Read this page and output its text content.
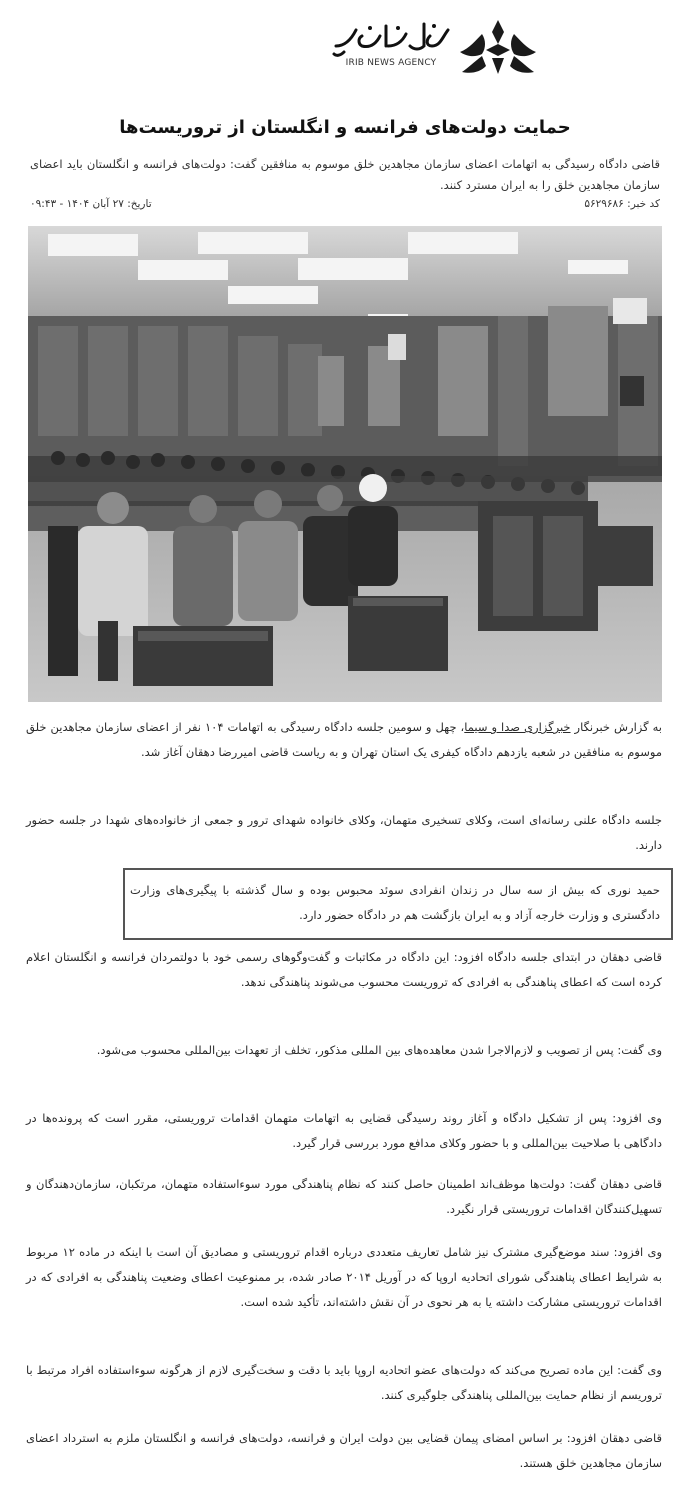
IRIB NEWS AGENCY
حمایت دولت‌های فرانسه و انگلستان از تروریست‌ها

قاضی دادگاه رسیدگی به اتهامات اعضای سازمان مجاهدین خلق موسوم به منافقین گفت: دولت‌های فرانسه و انگلستان باید اعضای سازمان مجاهدین خلق را به ایران مسترد کنند.

کد خبر: ۵۶۲۹۶۸۶
تاریخ: ۲۷ آبان ۱۴۰۴ - ۰۹:۴۳

به گزارش خبرنگار خبرگزاری صدا و سیما، چهل و سومین جلسه دادگاه رسیدگی به اتهامات ۱۰۴ نفر از اعضای سازمان مجاهدین خلق موسوم به منافقین در شعبه یازدهم دادگاه کیفری یک استان تهران و به ریاست قاضی امیررضا دهقان آغاز شد.

جلسه دادگاه علنی رسانه‌ای است، وکلای تسخیری متهمان، وکلای خانواده شهدای ترور و جمعی از خانواده‌های شهدا در جلسه حضور دارند.

حمید نوری که بیش از سه سال در زندان انفرادی سوئد محبوس بوده و سال گذشته با پیگیری‌های وزارت دادگستری و وزارت خارجه آزاد و به ایران بازگشت هم در دادگاه حضور دارد.

قاضی دهقان در ابتدای جلسه دادگاه افزود: این دادگاه در مکاتبات و گفت‌وگوهای رسمی خود با دولتمردان فرانسه و انگلستان اعلام کرده است که اعطای پناهندگی به افرادی که تروریست محسوب می‌شوند پناهندگی ندهد.

وی گفت: پس از تصویب و لازم‌الاجرا شدن معاهده‌های بین المللی مذکور، تخلف از تعهدات بین‌المللی محسوب می‌شود.

وی افزود: پس از تشکیل دادگاه و آغاز روند رسیدگی قضایی به اتهامات متهمان اقدامات تروریستی، مقرر است که پرونده‌ها در دادگاهی با صلاحیت بین‌المللی و با حضور وکلای مدافع مورد بررسی قرار گیرد.

قاضی دهقان گفت: دولت‌ها موظف‌اند اطمینان حاصل کنند که نظام پناهندگی مورد سوءاستفاده متهمان، مرتکبان، سازمان‌دهندگان و تسهیل‌کنندگان اقدامات تروریستی قرار نگیرد.

وی افزود: سند موضع‌گیری مشترک نیز شامل تعاریف متعددی درباره اقدام تروریستی و مصادیق آن است با اینکه در ماده ۱۲ مربوط به شرایط اعطای پناهندگی شورای اتحادیه اروپا که در آوریل ۲۰۱۴ صادر شده، بر ممنوعیت اعطای وضعیت پناهندگی به افرادی که در اقدامات تروریستی مشارکت داشته یا به هر نحوی در آن نقش داشته‌اند، تأکید شده است.

وی گفت: این ماده تصریح می‌کند که دولت‌های عضو اتحادیه اروپا باید با دقت و سخت‌گیری لازم از هرگونه سوءاستفاده افراد مرتبط با تروریسم از نظام حمایت بین‌المللی پناهندگی جلوگیری کنند.

قاضی دهقان افزود: بر اساس امضای پیمان قضایی بین دولت ایران و فرانسه، دولت‌های فرانسه و انگلستان ملزم به استرداد اعضای سازمان مجاهدین خلق هستند.
